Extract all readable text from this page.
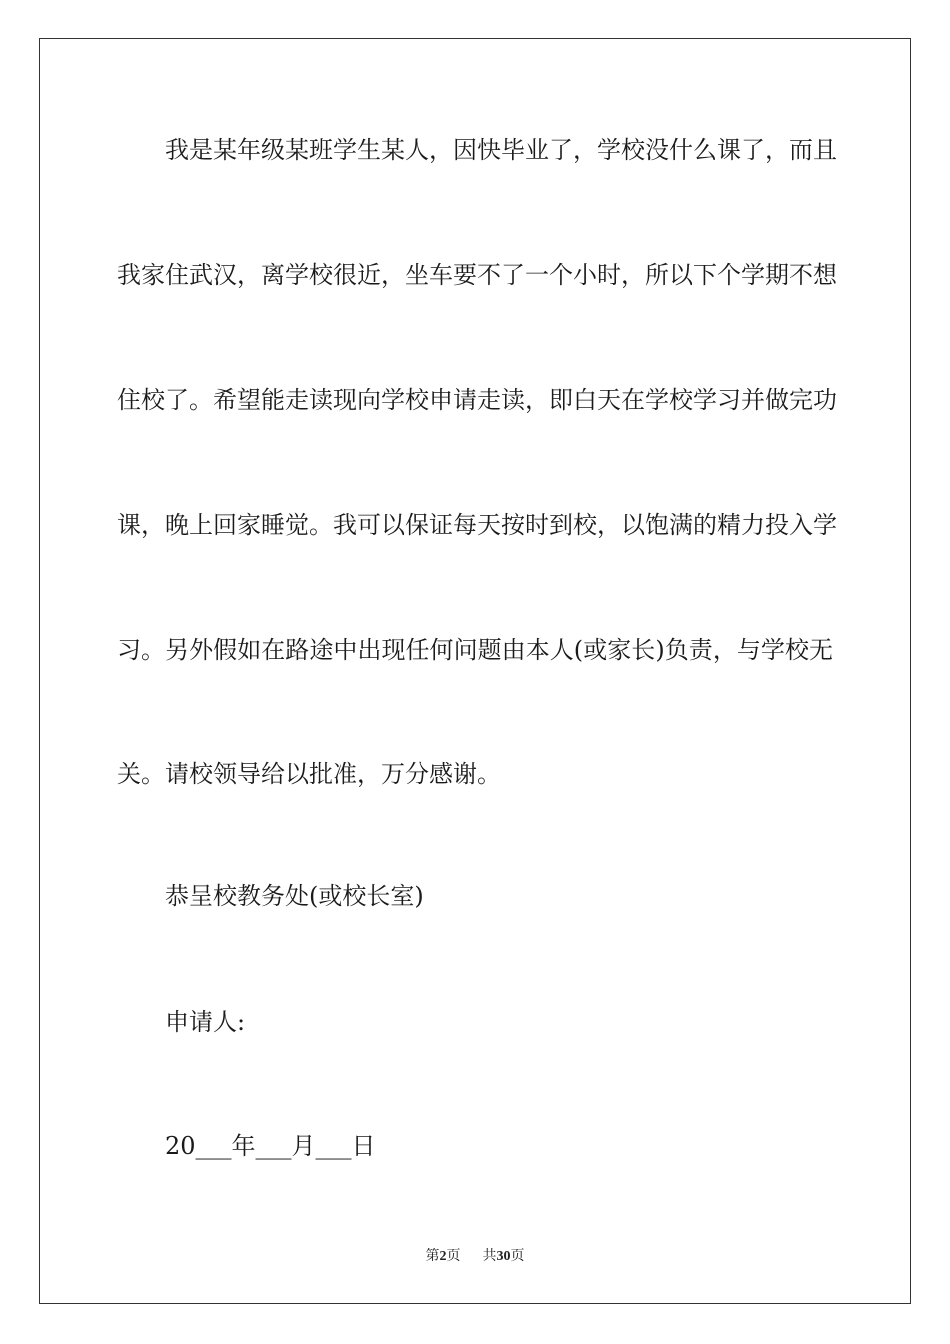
我是某年级某班学生某人，因快毕业了，学校没什么课了，而且
我家住武汉，离学校很近，坐车要不了一个小时，所以下个学期不想
住校了。希望能走读现向学校申请走读，即白天在学校学习并做完功
课，晚上回家睡觉。我可以保证每天按时到校，以饱满的精力投入学
习。另外假如在路途中出现任何问题由本人(或家长)负责，与学校无
关。请校领导给以批准，万分感谢。
恭呈校教务处(或校长室)
申请人:
20___年___月___日
第2页 共30页
